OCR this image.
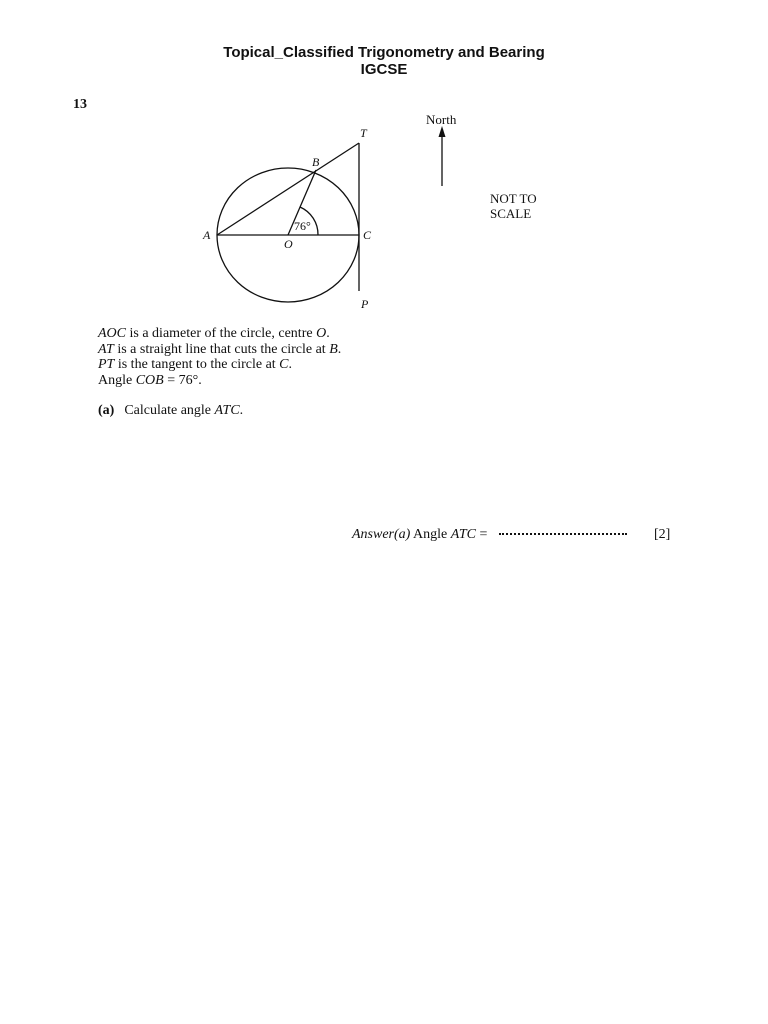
Topical_Classified Trigonometry and Bearing
IGCSE
13
A
B
C
O
T
P
76°
North
NOT TO
SCALE
AOC is a diameter of the circle, centre O.
AT is a straight line that cuts the circle at B.
PT is the tangent to the circle at C.
Angle COB = 76°.
(a) Calculate angle ATC.
Answer(a) Angle ATC =	[2]
